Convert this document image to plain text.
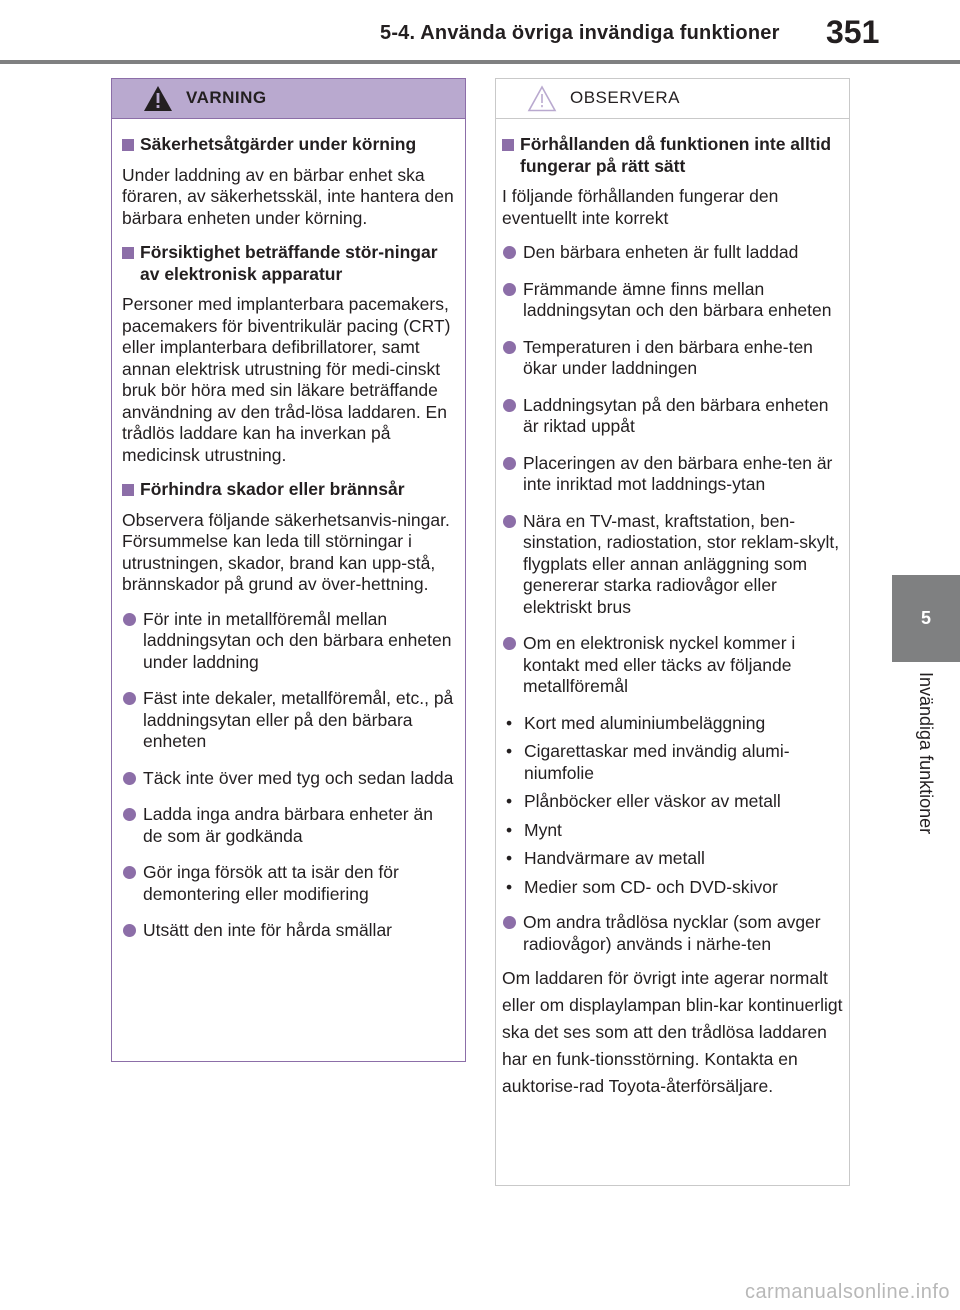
5-4. Använda övriga invändiga funktioner 351
5
Invändiga funktioner
VARNING
Säkerhetsåtgärder under körning
Under laddning av en bärbar enhet ska föraren, av säkerhetsskäl, inte hantera den bärbara enheten under körning.
Försiktighet beträffande stör-ningar av elektronisk apparatur
Personer med implanterbara pacemakers, pacemakers för biventrikulär pacing (CRT) eller implanterbara defibrillatorer, samt annan elektrisk utrustning för medi-cinskt bruk bör höra med sin läkare beträffande användning av den tråd-lösa laddaren. En trådlös laddare kan ha inverkan på medicinsk utrustning.
Förhindra skador eller brännsår
Observera följande säkerhetsanvis-ningar.
Försummelse kan leda till störningar i utrustningen, skador, brand kan upp-stå, brännskador på grund av över-hettning.
För inte in metallföremål mellan laddningsytan och den bärbara enheten under laddning
Fäst inte dekaler, metallföremål, etc., på laddningsytan eller på den bärbara enheten
Täck inte över med tyg och sedan ladda
Ladda inga andra bärbara enheter än de som är godkända
Gör inga försök att ta isär den för demontering eller modifiering
Utsätt den inte för hårda smällar
OBSERVERA
Förhållanden då funktionen inte alltid fungerar på rätt sätt
I följande förhållanden fungerar den eventuellt inte korrekt
Den bärbara enheten är fullt laddad
Främmande ämne finns mellan laddningsytan och den bärbara enheten
Temperaturen i den bärbara enhe-ten ökar under laddningen
Laddningsytan på den bärbara enheten är riktad uppåt
Placeringen av den bärbara enhe-ten är inte inriktad mot laddnings-ytan
Nära en TV-mast, kraftstation, ben-sinstation, radiostation, stor reklam-skylt, flygplats eller annan anläggning som genererar starka radiovågor eller elektriskt brus
Om en elektronisk nyckel kommer i kontakt med eller täcks av följande metallföremål
• Kort med aluminiumbeläggning
• Cigarettaskar med invändig alumi-niumfolie
• Plånböcker eller väskor av metall
• Mynt
• Handvärmare av metall
• Medier som CD- och DVD-skivor
Om andra trådlösa nycklar (som avger radiovågor) används i närhe-ten
Om laddaren för övrigt inte agerar normalt eller om displaylampan blin-kar kontinuerligt ska det ses som att den trådlösa laddaren har en funk-tionsstörning. Kontakta en auktorise-rad Toyota-återförsäljare.
carmanualsonline.info
